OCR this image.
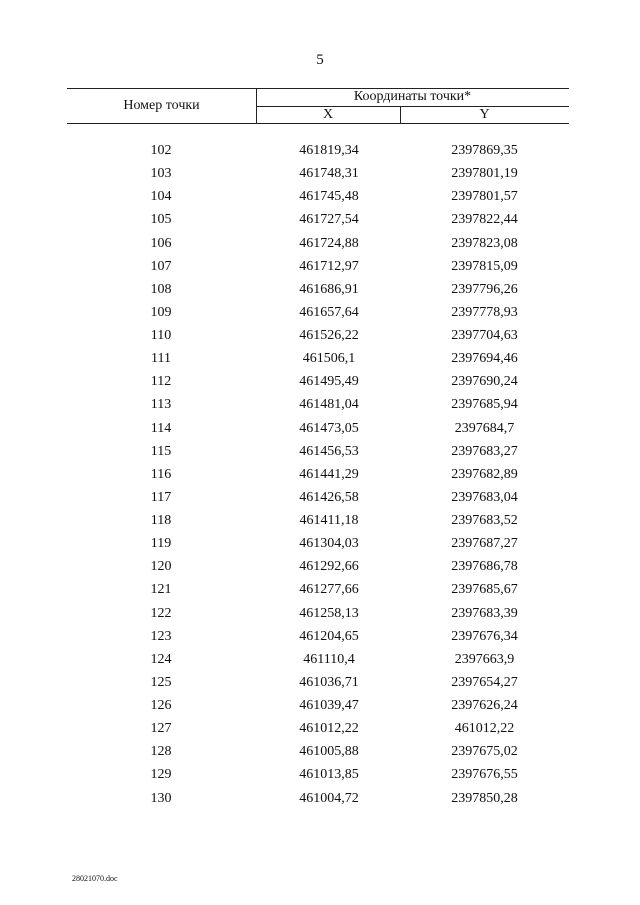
5
Номер точки
Координаты точки*
X	Y
102	461819,34	2397869,35
103	461748,31	2397801,19
104	461745,48	2397801,57
105	461727,54	2397822,44
106	461724,88	2397823,08
107	461712,97	2397815,09
108	461686,91	2397796,26
109	461657,64	2397778,93
110	461526,22	2397704,63
111	461506,1	2397694,46
112	461495,49	2397690,24
113	461481,04	2397685,94
114	461473,05	2397684,7
115	461456,53	2397683,27
116	461441,29	2397682,89
117	461426,58	2397683,04
118	461411,18	2397683,52
119	461304,03	2397687,27
120	461292,66	2397686,78
121	461277,66	2397685,67
122	461258,13	2397683,39
123	461204,65	2397676,34
124	461110,4	2397663,9
125	461036,71	2397654,27
126	461039,47	2397626,24
127	461012,22	461012,22
128	461005,88	2397675,02
129	461013,85	2397676,55
130	461004,72	2397850,28
28021070.doc
